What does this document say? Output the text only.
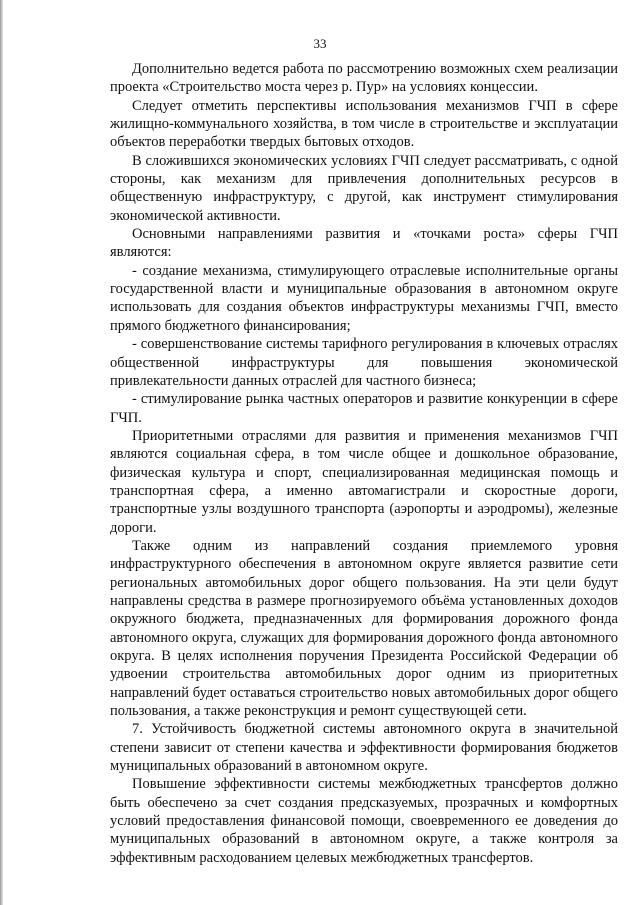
33

Дополнительно ведется работа по рассмотрению возможных схем реализации проекта «Строительство моста через р. Пур» на условиях концессии.

Следует отметить перспективы использования механизмов ГЧП в сфере жилищно-коммунального хозяйства, в том числе в строительстве и эксплуатации объектов переработки твердых бытовых отходов.

В сложившихся экономических условиях ГЧП следует рассматривать, с одной стороны, как механизм для привлечения дополнительных ресурсов в общественную инфраструктуру, с другой, как инструмент стимулирования экономической активности.

Основными направлениями развития и «точками роста» сферы ГЧП являются:

- создание механизма, стимулирующего отраслевые исполнительные органы государственной власти и муниципальные образования в автономном округе использовать для создания объектов инфраструктуры механизмы ГЧП, вместо прямого бюджетного финансирования;

- совершенствование системы тарифного регулирования в ключевых отраслях общественной инфраструктуры для повышения экономической привлекательности данных отраслей для частного бизнеса;

- стимулирование рынка частных операторов и развитие конкуренции в сфере ГЧП.

Приоритетными отраслями для развития и применения механизмов ГЧП являются социальная сфера, в том числе общее и дошкольное образование, физическая культура и спорт, специализированная медицинская помощь и транспортная сфера, а именно автомагистрали и скоростные дороги, транспортные узлы воздушного транспорта (аэропорты и аэродромы), железные дороги.

Также одним из направлений создания приемлемого уровня инфраструктурного обеспечения в автономном округе является развитие сети региональных автомобильных дорог общего пользования. На эти цели будут направлены средства в размере прогнозируемого объёма установленных доходов окружного бюджета, предназначенных для формирования дорожного фонда автономного округа, служащих для формирования дорожного фонда автономного округа. В целях исполнения поручения Президента Российской Федерации об удвоении строительства автомобильных дорог одним из приоритетных направлений будет оставаться строительство новых автомобильных дорог общего пользования, а также реконструкция и ремонт существующей сети.

7. Устойчивость бюджетной системы автономного округа в значительной степени зависит от степени качества и эффективности формирования бюджетов муниципальных образований в автономном округе.

Повышение эффективности системы межбюджетных трансфертов должно быть обеспечено за счет создания предсказуемых, прозрачных и комфортных условий предоставления финансовой помощи, своевременного ее доведения до муниципальных образований в автономном округе, а также контроля за эффективным расходованием целевых межбюджетных трансфертов.
